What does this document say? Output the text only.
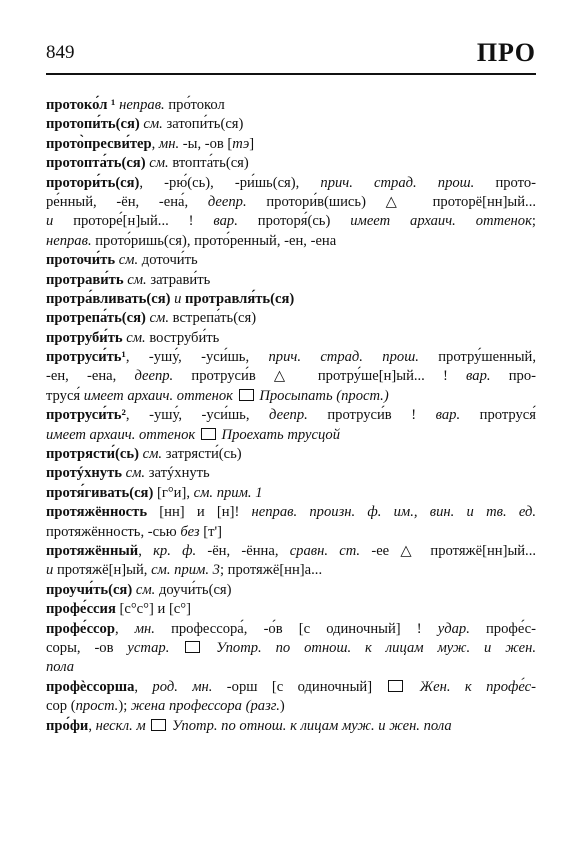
849	ПРО
протоко́л ¹ неправ. про́токол
протопи́ть(ся) см. затопи́ть(ся)
прото̀пресви́тер, мн. -ы, -ов [тэ]
протопта́ть(ся) см. втопта́ть(ся)
протори́ть(ся), -рю́(сь), -ри́шь(ся), прич. страд. прош. прото-
ре́нный, -ён, -ена́, деепр. протори́в(шись) △ проторё[нн]ый...
и проторе́[н]ый... ! вар. проторя́(сь) имеет архаич. оттенок;
неправ. прото́ришь(ся), прото́ренный, -ен, -ена
проточи́ть см. доточи́ть
протрави́ть см. затрави́ть
протра́вливать(ся) и протравля́ть(ся)
протрепа́ть(ся) см. встрепа́ть(ся)
протруби́ть см. воструби́ть
протруси́ть¹, -ушу́, -уси́шь, прич. страд. прош. протру́шенный,
-ен, -ена, деепр. протруси́в △ протру́ше[н]ый... ! вар. про-
труся́ имеет архаич. оттенок  Просыпать (прост.)
протруси́ть², -ушу́, -уси́шь, деепр. протруси́в ! вар. протруся́
имеет архаич. оттенок  Проехать трусцой
протрясти́(сь) см. затрясти́(сь)
протýхнуть см. затýхнуть
протя́гивать(ся) [г°и], см. прим. 1
протяжённость [нн] и [н]! неправ. произн. ф. им., вин. и тв. ед.
протяжённость, -сью без [т']
протяжённый, кр. ф. -ён, -ённа, сравн. ст. -ее △ протяжё[нн]ый...
и протяжё[н]ый, см. прим. 3; протяжё[нн]а...
проучи́ть(ся) см. доучи́ть(ся)
профе́ссия [с°с°] и [с°]
профе́ссор, мн. профессора́, -о́в [с одиночный] ! удар. профе́с-
соры, -ов устар.  Употр. по отнош. к лицам муж. и жен.
пола
профѐссорша, род. мн. -орш [с одиночный]  Жен. к профе́с-
сор (прост.); жена профессора (разг.)
про́фи, нескл. м  Употр. по отнош. к лицам муж. и жен. пола
